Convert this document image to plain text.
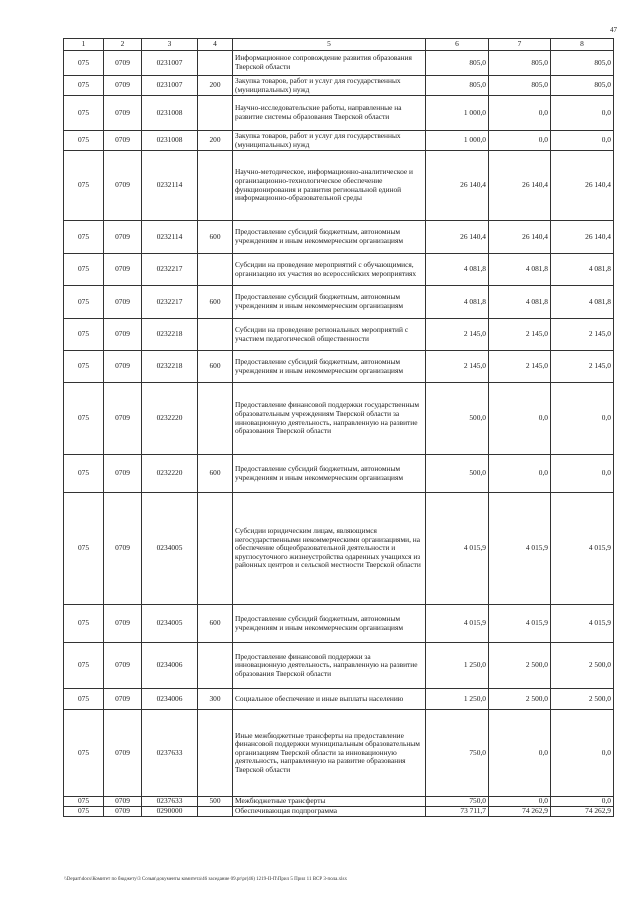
47
1	2	3	4	5	6	7	8
075	0709	0231007		Информационное сопровождение развития образования Тверской области	805,0	805,0	805,0
075	0709	0231007	200	Закупка товаров, работ и услуг для государственных (муниципальных) нужд	805,0	805,0	805,0
075	0709	0231008		Научно-исследовательские работы, направленные на развитие системы образования Тверской области	1 000,0	0,0	0,0
075	0709	0231008	200	Закупка товаров, работ и услуг для государственных (муниципальных) нужд	1 000,0	0,0	0,0
075	0709	0232114		Научно-методическое, информационно-аналитическое и организационно-технологическое обеспечение функционирования и развития региональной единой информационно-образовательной среды	26 140,4	26 140,4	26 140,4
075	0709	0232114	600	Предоставление субсидий бюджетным, автономным учреждениям и иным некоммерческим организациям	26 140,4	26 140,4	26 140,4
075	0709	0232217		Субсидии на проведение мероприятий с обучающимися, организацию их участия во всероссийских мероприятиях	4 081,8	4 081,8	4 081,8
075	0709	0232217	600	Предоставление субсидий бюджетным, автономным учреждениям и иным некоммерческим организациям	4 081,8	4 081,8	4 081,8
075	0709	0232218		Субсидии на проведение региональных мероприятий с участием педагогической общественности	2 145,0	2 145,0	2 145,0
075	0709	0232218	600	Предоставление субсидий бюджетным, автономным учреждениям и иным некоммерческим организациям	2 145,0	2 145,0	2 145,0
075	0709	0232220		Предоставление финансовой поддержки государственным образовательным учреждениям Тверской области за инновационную деятельность, направленную на развитие образования Тверской области	500,0	0,0	0,0
075	0709	0232220	600	Предоставление субсидий бюджетным, автономным учреждениям и иным некоммерческим организациям	500,0	0,0	0,0
075	0709	0234005		Субсидии юридическим лицам, являющимся негосударственными некоммерческими организациями, на обеспечение общеобразовательной деятельности и круглосуточного жизнеустройства одаренных учащихся из районных центров и сельской местности Тверской области	4 015,9	4 015,9	4 015,9
075	0709	0234005	600	Предоставление субсидий бюджетным, автономным учреждениям и иным некоммерческим организациям	4 015,9	4 015,9	4 015,9
075	0709	0234006		Предоставление финансовой поддержки за инновационную деятельность, направленную на развитие образования Тверской области	1 250,0	2 500,0	2 500,0
075	0709	0234006	300	Социальное обеспечение и иные выплаты населению	1 250,0	2 500,0	2 500,0
075	0709	0237633		Иные межбюджетные трансферты на предоставление финансовой поддержки муниципальным образовательным организациям Тверской области за инновационную деятельность, направленную на развитие образования Тверской области	750,0	0,0	0,0
075	0709	0237633	500	Межбюджетные трансферты	750,0	0,0	0,0
075	0709	0290000		Обеспечивающая подпрограмма	73 711,7	74 262,9	74 262,9
\\Depart\docs\Комитет по бюджету\3 Созыв\документы комитета\46 заседание 09.pr\pr(46) 1219-II-П\Прил 5 Прил 11 ВСР 3-пола.xlsx
